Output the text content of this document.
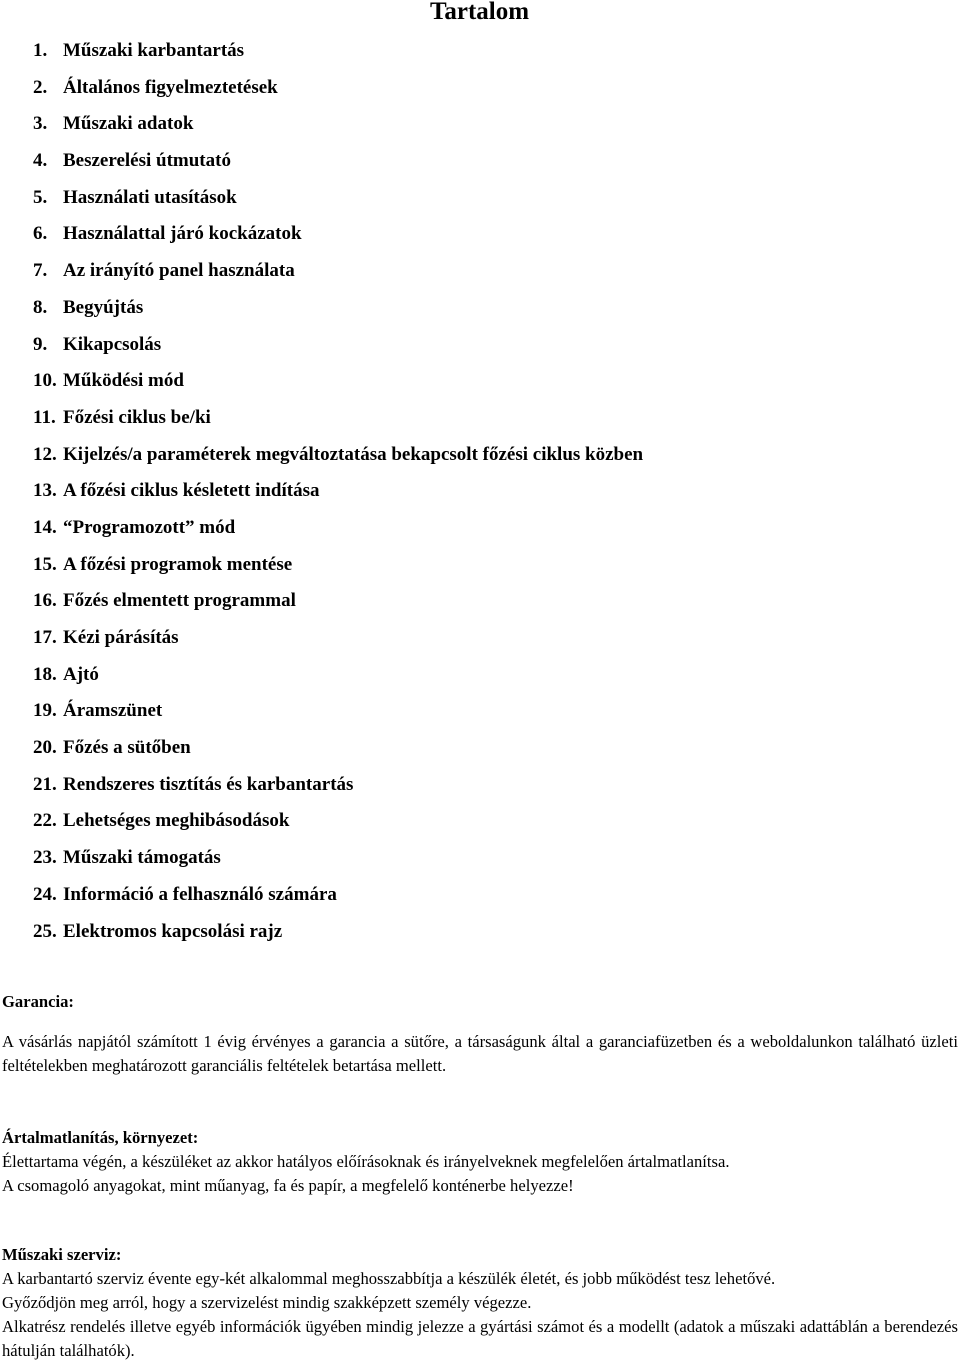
Tartalom
1. Műszaki karbantartás
2. Általános figyelmeztetések
3. Műszaki adatok
4. Beszerelési útmutató
5. Használati utasítások
6. Használattal járó kockázatok
7. Az irányító panel használata
8. Begyújtás
9. Kikapcsolás
10. Működési mód
11. Főzési ciklus be/ki
12. Kijelzés/a paraméterek megváltoztatása bekapcsolt főzési ciklus közben
13. A főzési ciklus késletett indítása
14. “Programozott” mód
15. A főzési programok mentése
16. Főzés elmentett programmal
17. Kézi párásítás
18. Ajtó
19. Áramszünet
20. Főzés a sütőben
21. Rendszeres tisztítás és karbantartás
22. Lehetséges meghibásodások
23. Műszaki támogatás
24. Információ a felhasználó számára
25. Elektromos kapcsolási rajz
Garancia:
A vásárlás napjától számított 1 évig érvényes a garancia a sütőre, a társaságunk által a garanciafüzetben és a weboldalunkon található üzleti feltételekben meghatározott garanciális feltételek betartása mellett.
Ártalmatlanítás, környezet:
Élettartama végén, a készüléket az akkor hatályos előírásoknak és irányelveknek megfelelően ártalmatlanítsa.
A csomagoló anyagokat, mint műanyag, fa és papír, a megfelelő konténerbe helyezze!
Műszaki szerviz:
A karbantartó szerviz évente egy-két alkalommal meghosszabbítja a készülék életét, és jobb működést tesz lehetővé.
Győződjön meg arról, hogy a szervizelést mindig szakképzett személy végezze.
Alkatrész rendelés illetve egyéb információk ügyében mindig jelezze a gyártási számot és a modellt (adatok a műszaki adattáblán a berendezés hátulján találhatók).
